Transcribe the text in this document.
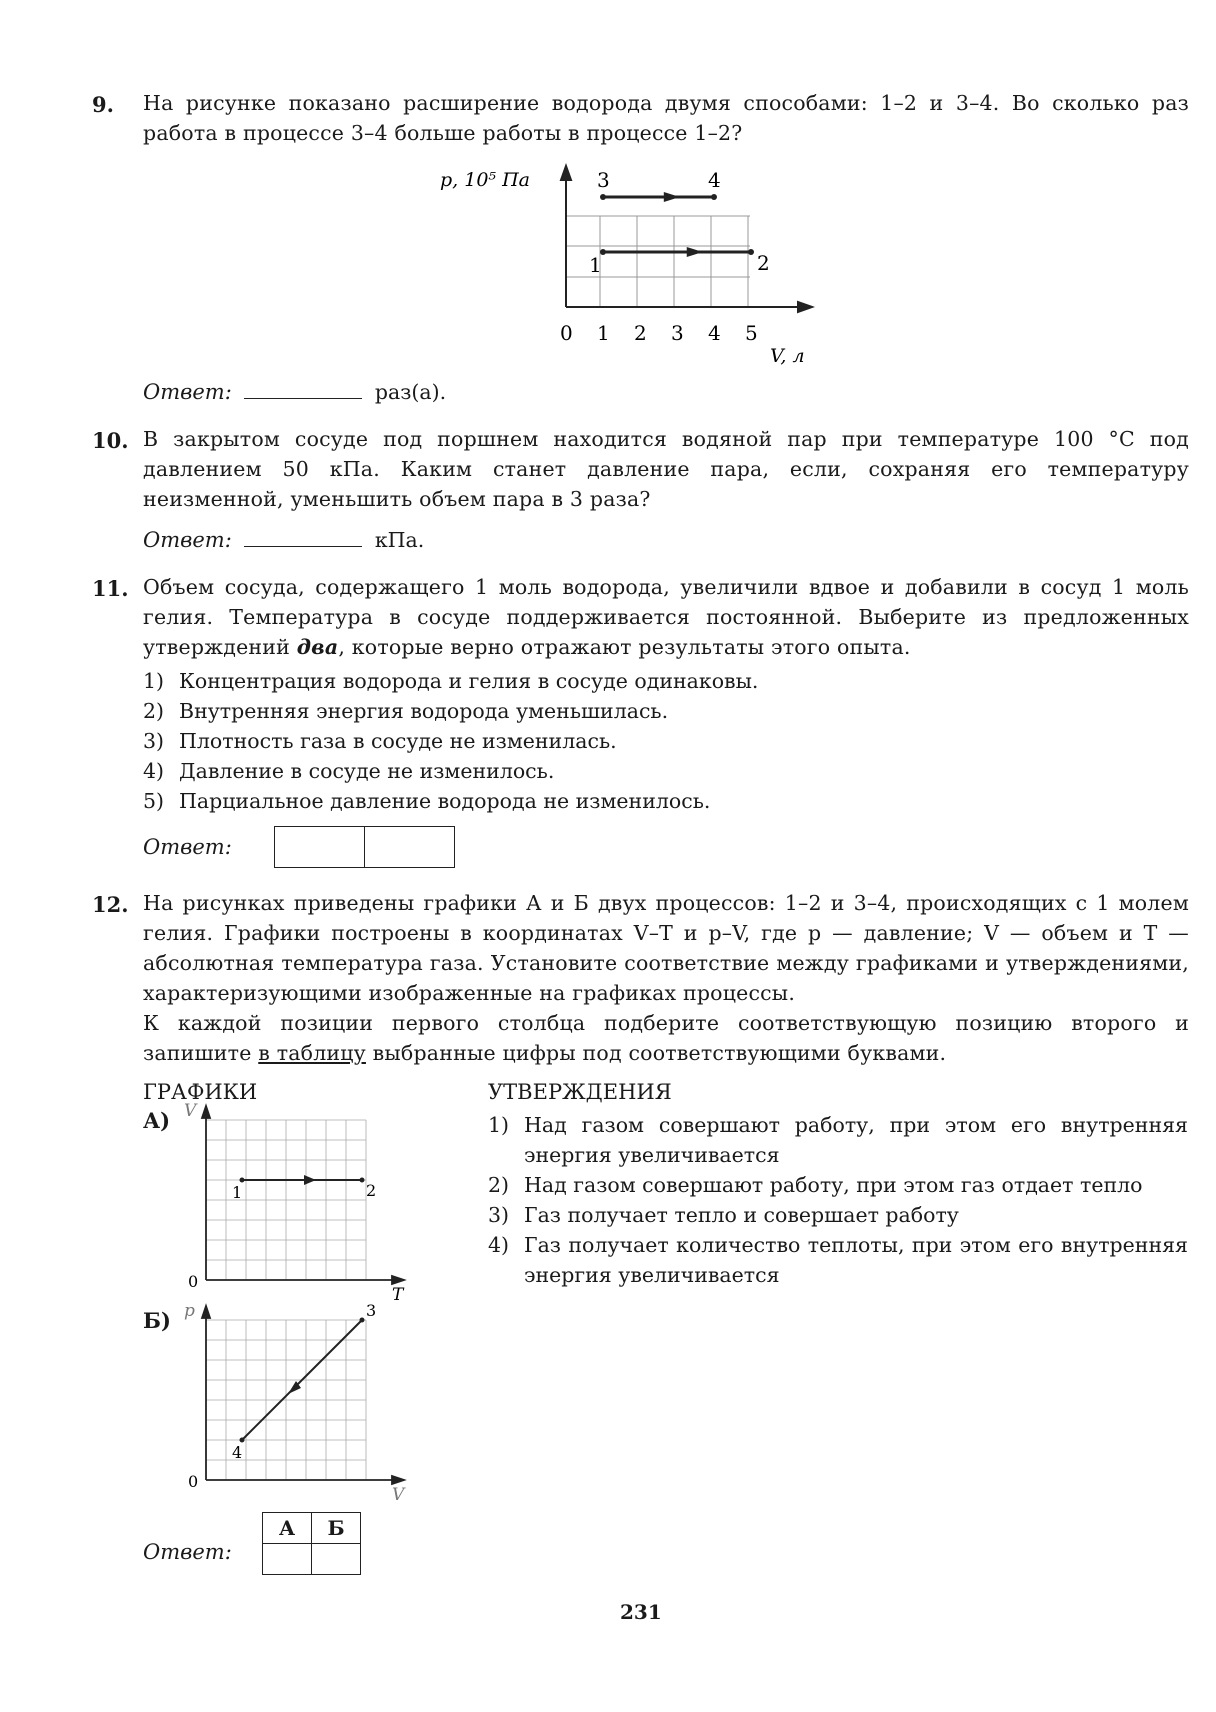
9. На рисунке показано расширение водорода двумя способами: 1–2 и 3–4. Во сколько раз работа в процессе 3–4 больше работы в процессе 1–2?
p, 10⁵ Па
V, л
0 1 2 3 4 5
1	2
3	4
Ответ:	раз(а).
10. В закрытом сосуде под поршнем находится водяной пар при температуре 100 °С под давлением 50 кПа. Каким станет давление пара, если, сохраняя его температуру неизменной, уменьшить объем пара в 3 раза?
Ответ:	кПа.
11. Объем сосуда, содержащего 1 моль водорода, увеличили вдвое и добавили в сосуд 1 моль гелия. Температура в сосуде поддерживается постоянной. Выберите из предложенных утверждений два, которые верно отражают результаты этого опыта.
1) Концентрация водорода и гелия в сосуде одинаковы.
2) Внутренняя энергия водорода уменьшилась.
3) Плотность газа в сосуде не изменилась.
4) Давление в сосуде не изменилось.
5) Парциальное давление водорода не изменилось.
Ответ:

12. На рисунках приведены графики А и Б двух процессов: 1–2 и 3–4, происходящих с 1 молем гелия. Графики построены в координатах V–T и p–V, где p — давление; V — объем и T — абсолютная температура газа. Установите соответствие между графиками и утверждениями, характеризующими изображенные на графиках процессы.
К каждой позиции первого столбца подберите соответствующую позицию второго и запишите в таблицу выбранные цифры под соответствующими буквами.
ГРАФИКИ	УТВЕРЖДЕНИЯ
А) V
T
0
1	2
Б) p
V
0
3
4
1) Над газом совершают работу, при этом его внутренняя энергия увеличивается
2) Над газом совершают работу, при этом газ отдает тепло
3) Газ получает тепло и совершает работу
4) Газ получает количество теплоты, при этом его внутренняя энергия увеличивается
Ответ:
А	Б

231
